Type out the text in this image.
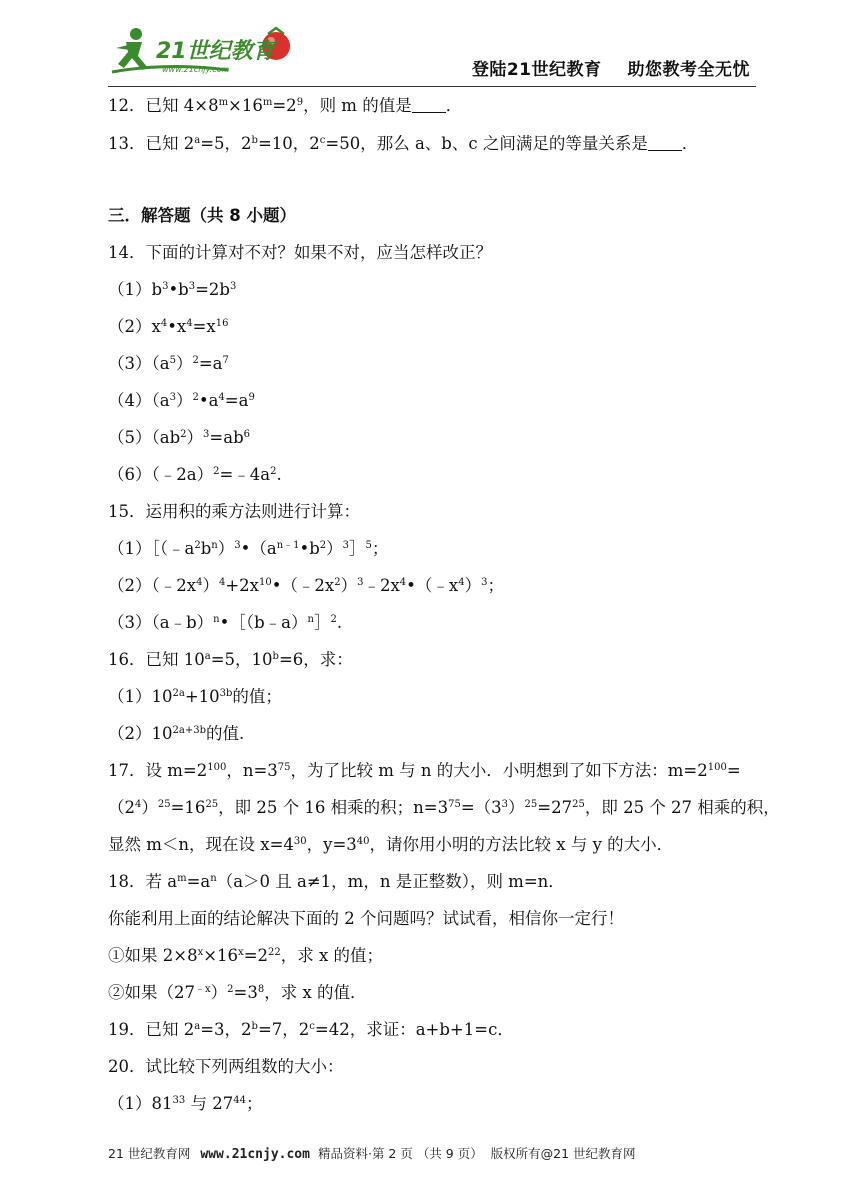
21世纪教育
www.21cnjy.com	登陆21世纪教育 助您教考全无忧
12．已知 $4\times 8^m\times 16^m=2^9$，则 m 的值是 ．
13．已知 $2^a=5$，$2^b=10$，$2^c=50$，那么 a、b、c 之间满足的等量关系是 ．
三．解答题（共 8 小题）
14．下面的计算对不对？如果不对，应当怎样改正？
$(1)b^3•b^3=2b^3$
$(2)x^4•x^4=x^{16}$
$(3)(a^5)^2=a^7$
$(4)(a^3)^2•a^4=a^9$
$(5)(ab^2)^3=ab^6$
$(6)(﹣2a)^2=﹣4a^2$.
15．运用积的乘方法则进行计算：
$(1)[(﹣a^2b^n)^3•(a^{n﹣1}•b^2)^3]^5$；
$(2)(﹣2x^4)^4+2x^{10}•(﹣2x^2)^3﹣2x^4•(﹣x^4)^3$；
（3）（a﹣b）$^n$•［（b﹣a）$^n$］$^2$.
16．已知 $10^a=5$，$10^b=6$，求：
$(1)10^{2a}+10^{3b}$的值；
$(2)10^{2a+3b}$的值.
17．设 $m=2^{100}$，$n=3^{75}$，为了比较 m 与 n 的大小．小明想到了如下方法：$m=2^{100}=$
$(2^4)^{25}=16^{25}$，即 25 个 16 相乘的积；$n=3^{75}=(3^3)^{25}=27^{25}$，即 25 个 27 相乘的积，
显然 m＜n，现在设 $x=4^{30}$，$y=3^{40}$，请你用小明的方法比较 x 与 y 的大小．
18．若 $a^m=a^n(a>0$ 且 a≠1，m，n 是正整数），则 m=n．
你能利用上面的结论解决下面的 2 个问题吗？试试看，相信你一定行！
①如果 $2\times 8^x\times 16^x=2^{22}$，求 x 的值；
②如果$(27^{﹣x})^2=3^8$，求 x 的值．
19．已知 $2^a=3$，$2^b=7$，$2^c=42$，求证：a+b+1=c．
20．试比较下列两组数的大小：
$(1)81^{33}$ 与 $27^{44}$；
21 世纪教育网 www.21cnjy.com 精品资料·第 2 页 （共 9 页） 版权所有@21 世纪教育网
